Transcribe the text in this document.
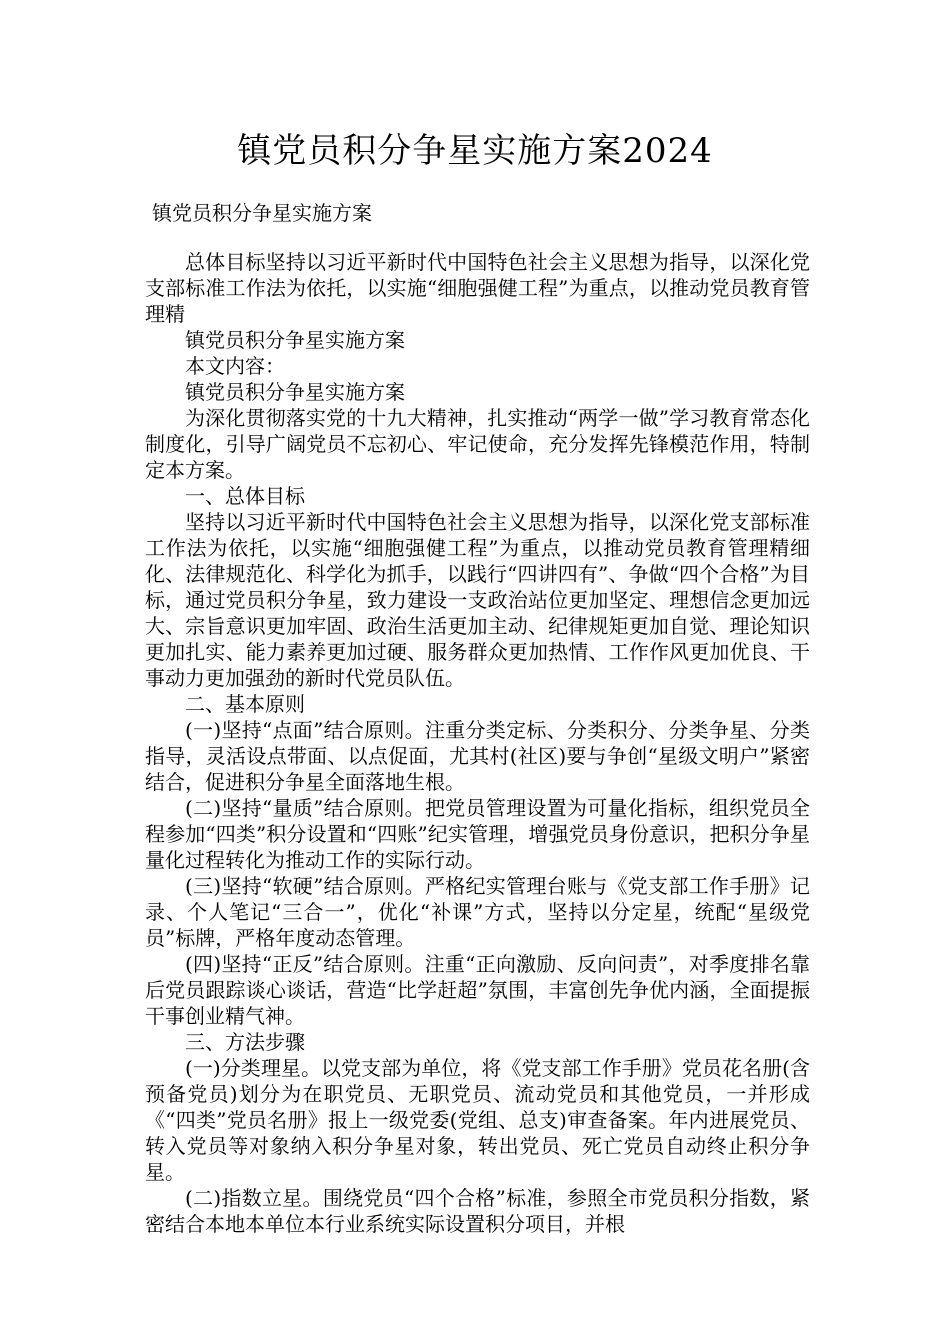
镇党员积分争星实施方案2024
镇党员积分争星实施方案

总体目标坚持以习近平新时代中国特色社会主义思想为指导，以深化党支部标准工作法为依托，以实施“细胞强健工程”为重点，以推动党员教育管理精

镇党员积分争星实施方案

本文内容：

镇党员积分争星实施方案

为深化贯彻落实党的十九大精神，扎实推动“两学一做”学习教育常态化制度化，引导广阔党员不忘初心、牢记使命，充分发挥先锋模范作用，特制定本方案。

一、总体目标

坚持以习近平新时代中国特色社会主义思想为指导，以深化党支部标准工作法为依托，以实施“细胞强健工程”为重点，以推动党员教育管理精细化、法律规范化、科学化为抓手，以践行“四讲四有”、争做“四个合格”为目标，通过党员积分争星，致力建设一支政治站位更加坚定、理想信念更加远大、宗旨意识更加牢固、政治生活更加主动、纪律规矩更加自觉、理论知识更加扎实、能力素养更加过硬、服务群众更加热情、工作作风更加优良、干事动力更加强劲的新时代党员队伍。

二、基本原则

(一)坚持“点面”结合原则。注重分类定标、分类积分、分类争星、分类指导，灵活设点带面、以点促面，尤其村(社区)要与争创“星级文明户”紧密结合，促进积分争星全面落地生根。

(二)坚持“量质”结合原则。把党员管理设置为可量化指标，组织党员全程参加“四类”积分设置和“四账”纪实管理，增强党员身份意识，把积分争星量化过程转化为推动工作的实际行动。

(三)坚持“软硬”结合原则。严格纪实管理台账与《党支部工作手册》记录、个人笔记“三合一”，优化“补课”方式，坚持以分定星，统配“星级党员”标牌，严格年度动态管理。

(四)坚持“正反”结合原则。注重“正向激励、反向问责”，对季度排名靠后党员跟踪谈心谈话，营造“比学赶超”氛围，丰富创先争优内涵，全面提振干事创业精气神。

三、方法步骤

(一)分类理星。以党支部为单位，将《党支部工作手册》党员花名册(含预备党员)划分为在职党员、无职党员、流动党员和其他党员，一并形成《“四类”党员名册》报上一级党委(党组、总支)审查备案。年内进展党员、转入党员等对象纳入积分争星对象，转出党员、死亡党员自动终止积分争星。

(二)指数立星。围绕党员“四个合格”标准，参照全市党员积分指数，紧密结合本地本单位本行业系统实际设置积分项目，并根
